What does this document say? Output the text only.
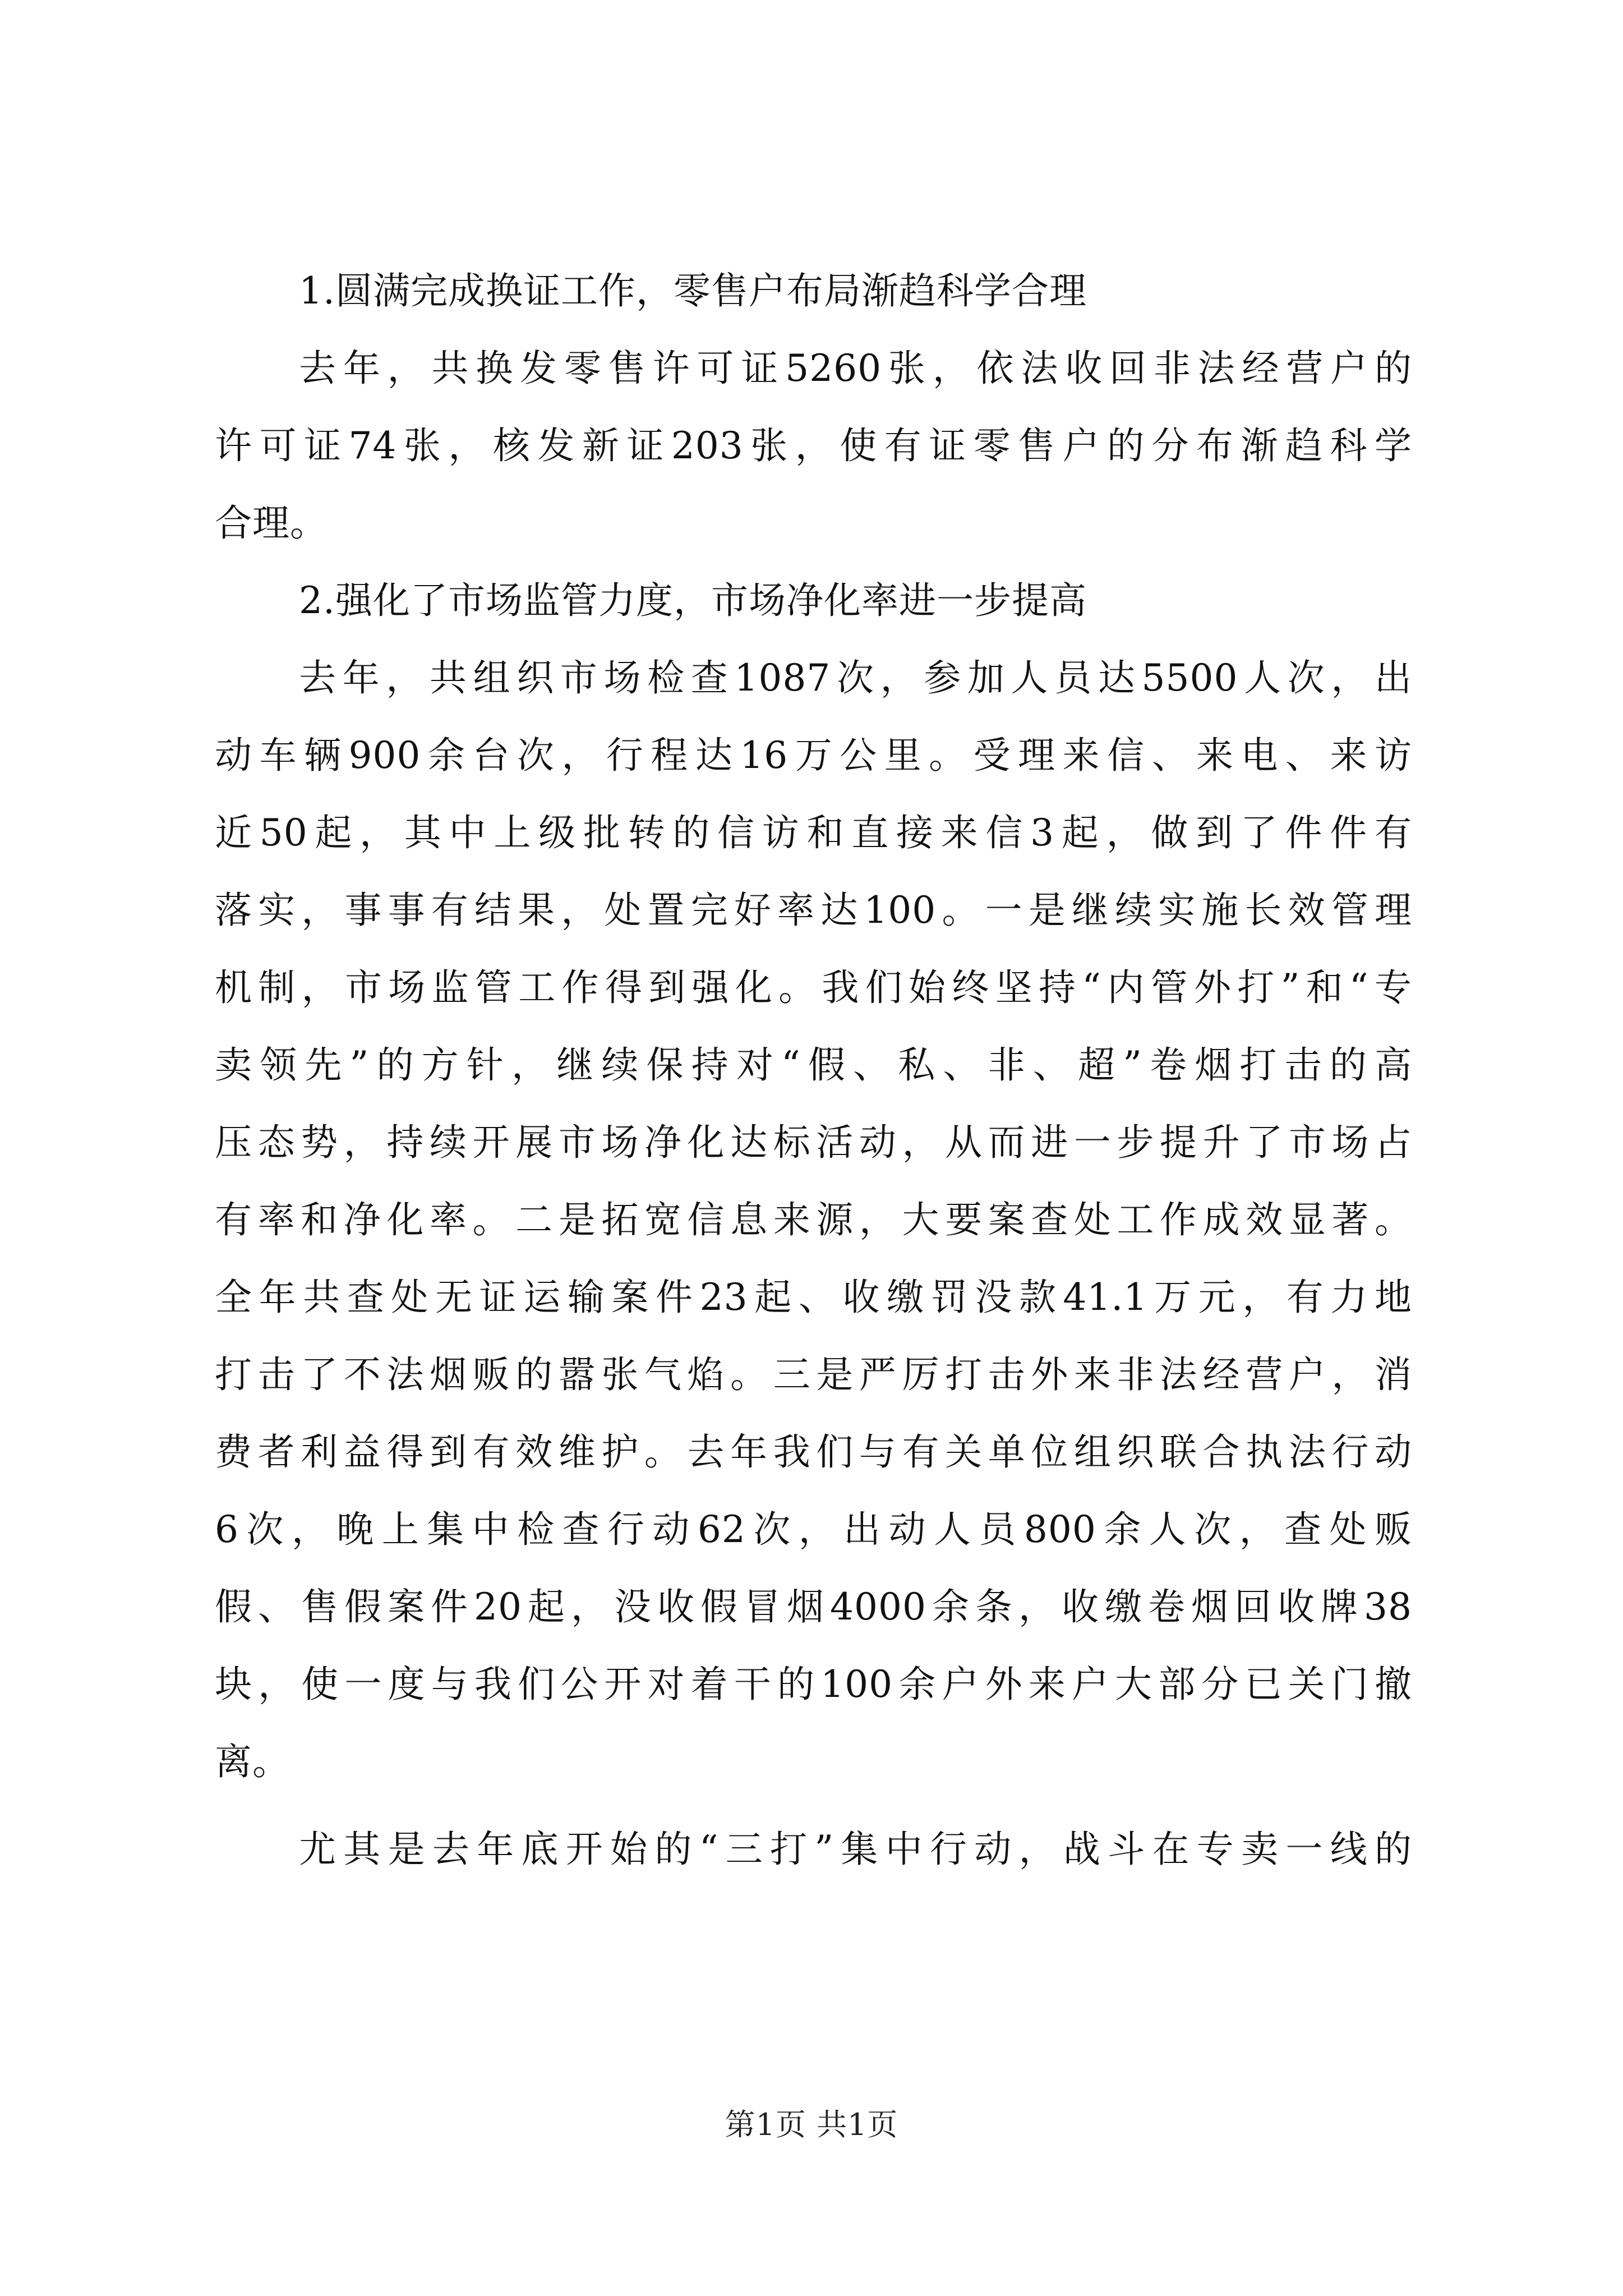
1.圆满完成换证工作，零售户布局渐趋科学合理
去年，共换发零售许可证5260张，依法收回非法经营户的
许可证74张，核发新证203张，使有证零售户的分布渐趋科学
合理。
2.强化了市场监管力度，市场净化率进一步提高
去年，共组织市场检查1087次，参加人员达5500人次，出
动车辆900余台次，行程达16万公里。受理来信、来电、来访
近50起，其中上级批转的信访和直接来信3起，做到了件件有
落实，事事有结果，处置完好率达100。一是继续实施长效管理
机制，市场监管工作得到强化。我们始终坚持“内管外打”和“专
卖领先”的方针，继续保持对“假、私、非、超”卷烟打击的高
压态势，持续开展市场净化达标活动，从而进一步提升了市场占
有率和净化率。二是拓宽信息来源，大要案查处工作成效显著。
全年共查处无证运输案件23起、收缴罚没款41.1万元，有力地
打击了不法烟贩的嚣张气焰。三是严厉打击外来非法经营户，消
费者利益得到有效维护。去年我们与有关单位组织联合执法行动
6次，晚上集中检查行动62次，出动人员800余人次，查处贩
假、售假案件20起，没收假冒烟4000余条，收缴卷烟回收牌38
块，使一度与我们公开对着干的100余户外来户大部分已关门撤
离。
尤其是去年底开始的“三打”集中行动，战斗在专卖一线的
第1页 共1页
